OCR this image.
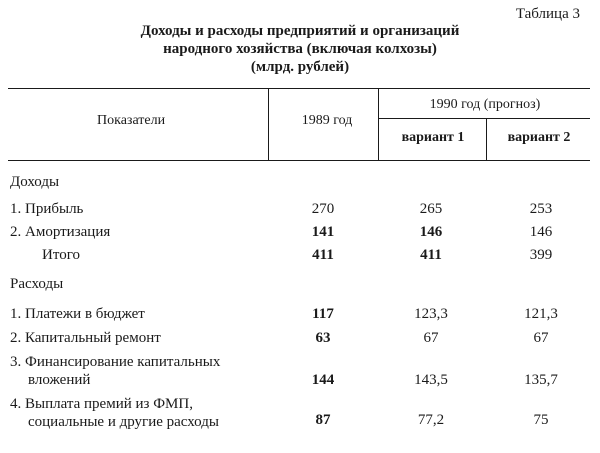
Таблица 3
Доходы и расходы предприятий и организаций
народного хозяйства (включая колхозы)
(млрд. рублей)
Показатели	1989 год
1990 год (прогноз)
вариант 1	вариант 2
Доходы
1. Прибыль	270	265	253
2. Амортизация	141	146	146
Итого	411	411	399
Расходы
1. Платежи в бюджет	117	123,3	121,3
2. Капитальный ремонт	63	67	67
3. Финансирование капитальных
вложений	144	143,5	135,7
4. Выплата премий из ФМП,
социальные и другие расходы	87	77,2	75
